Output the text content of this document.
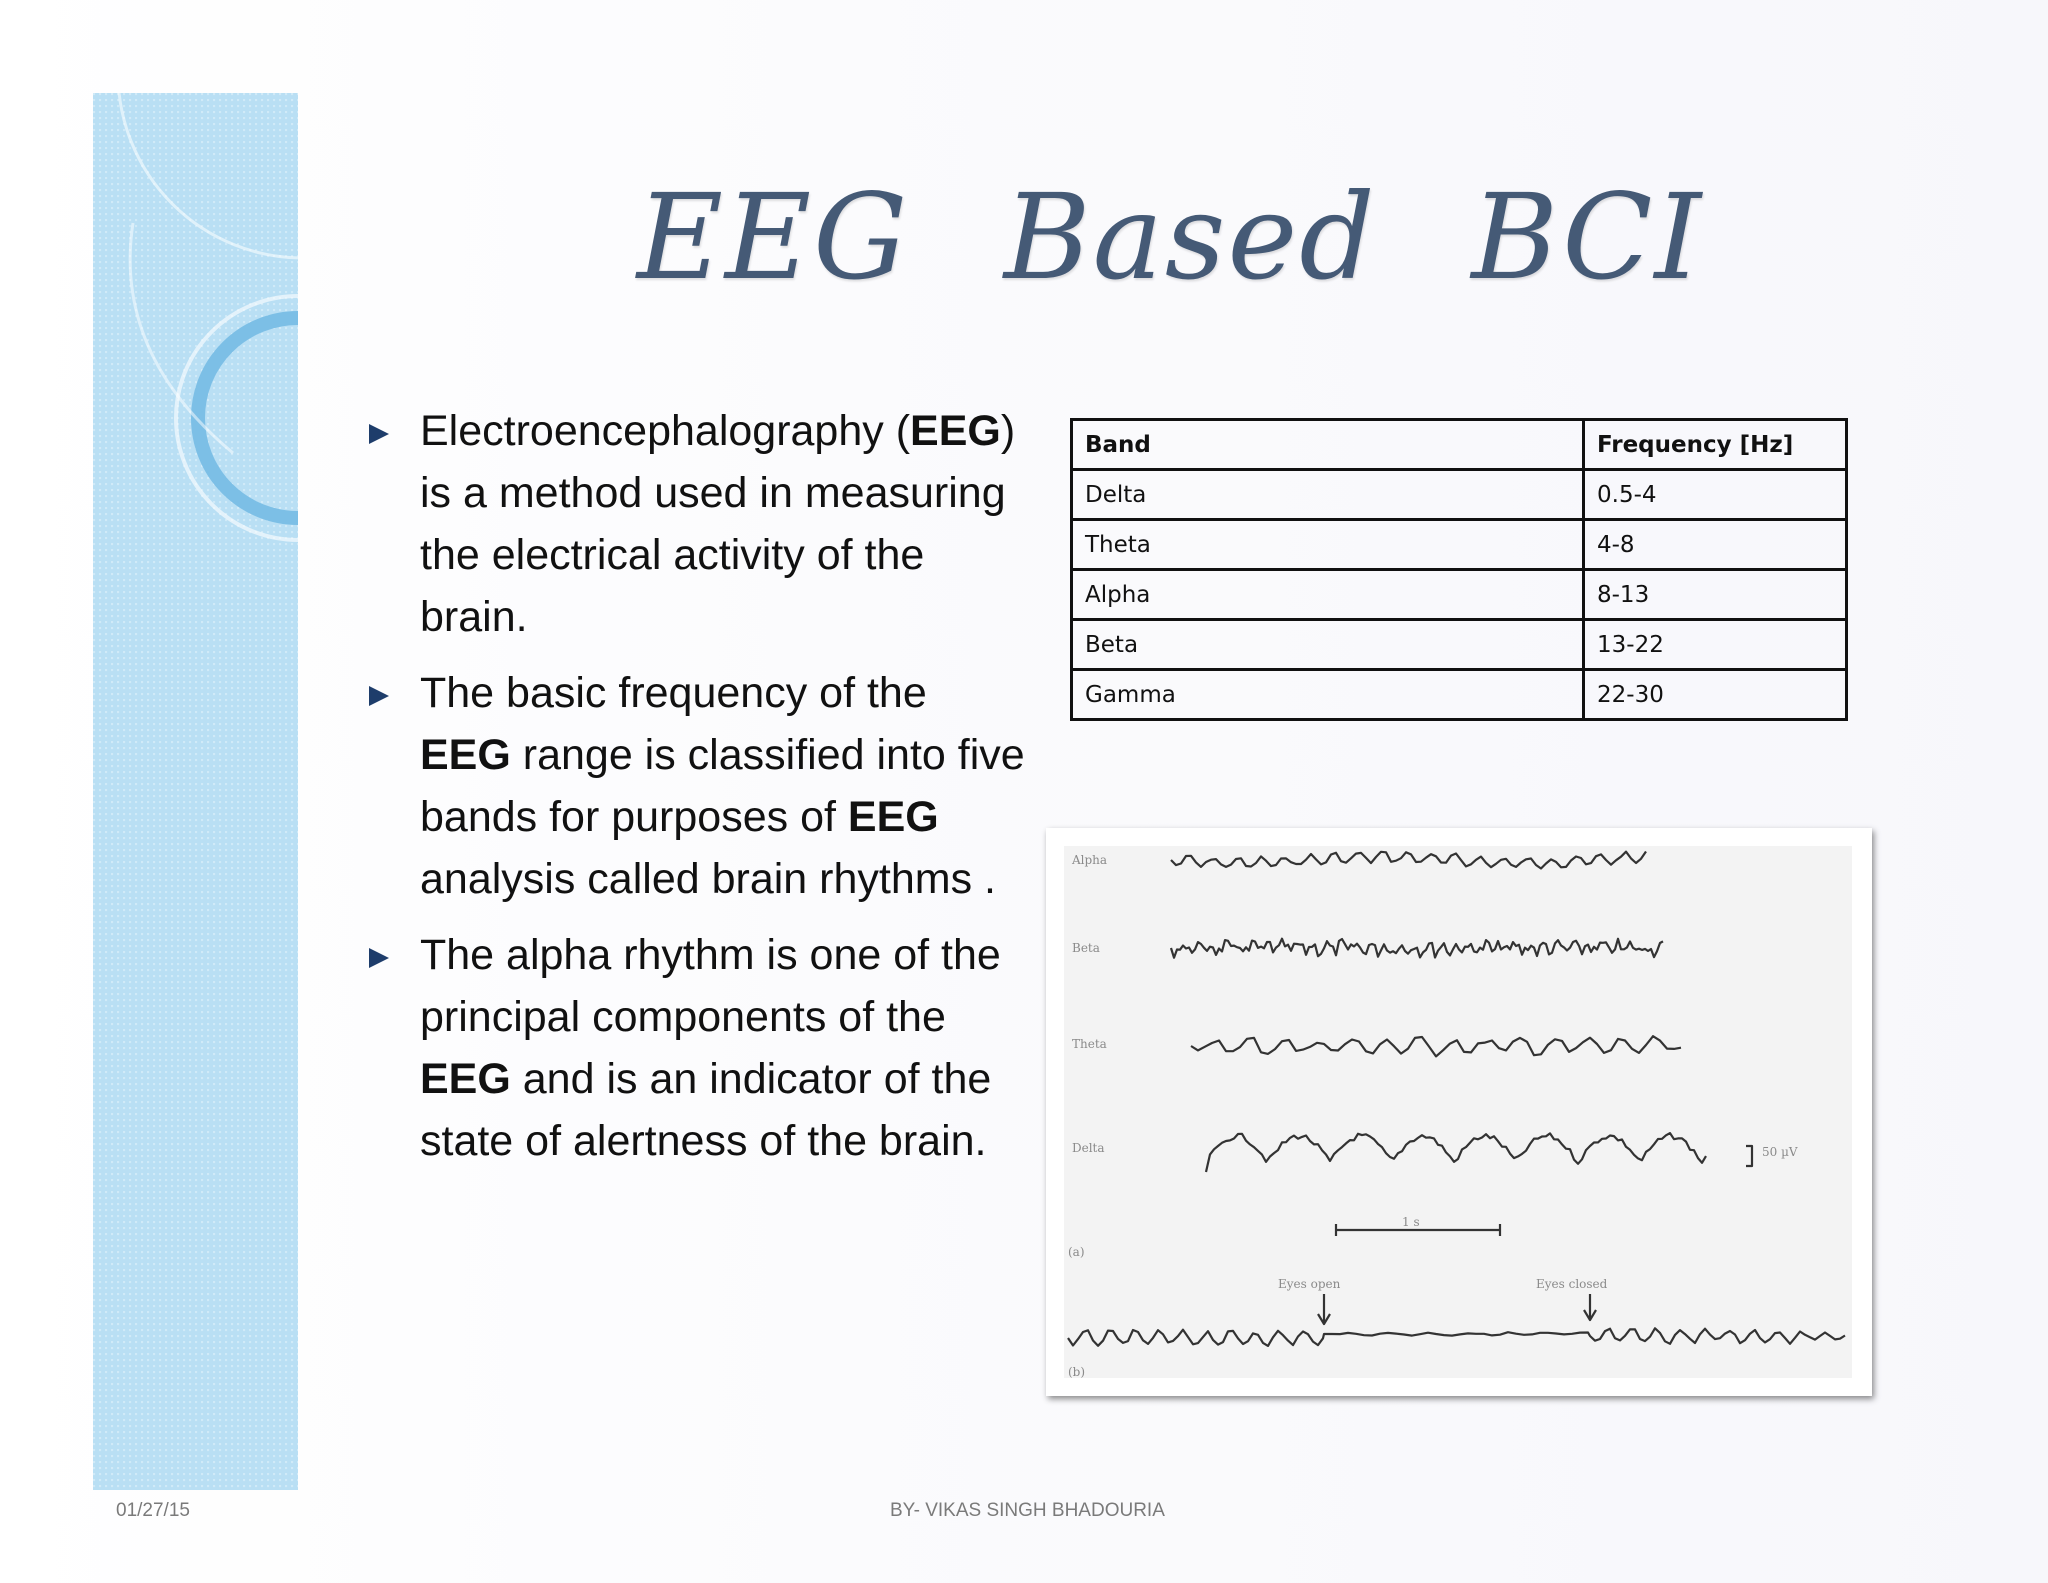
EEG Based BCI
Electroencephalography (EEG) is a method used in measuring the electrical activity of the brain.
The basic frequency of the EEG range is classified into five bands for purposes of EEG analysis called brain rhythms .
The alpha rhythm is one of the principal components of the EEG and is an indicator of the state of alertness of the brain.
Band	Frequency [Hz]
Delta	0.5-4
Theta	4-8
Alpha	8-13
Beta	13-22
Gamma	22-30
Alpha
Beta
Theta
Delta	50 µV
1 s
(a)
(b)
Eyes open	Eyes closed
01/27/15	BY- VIKAS SINGH BHADOURIA
